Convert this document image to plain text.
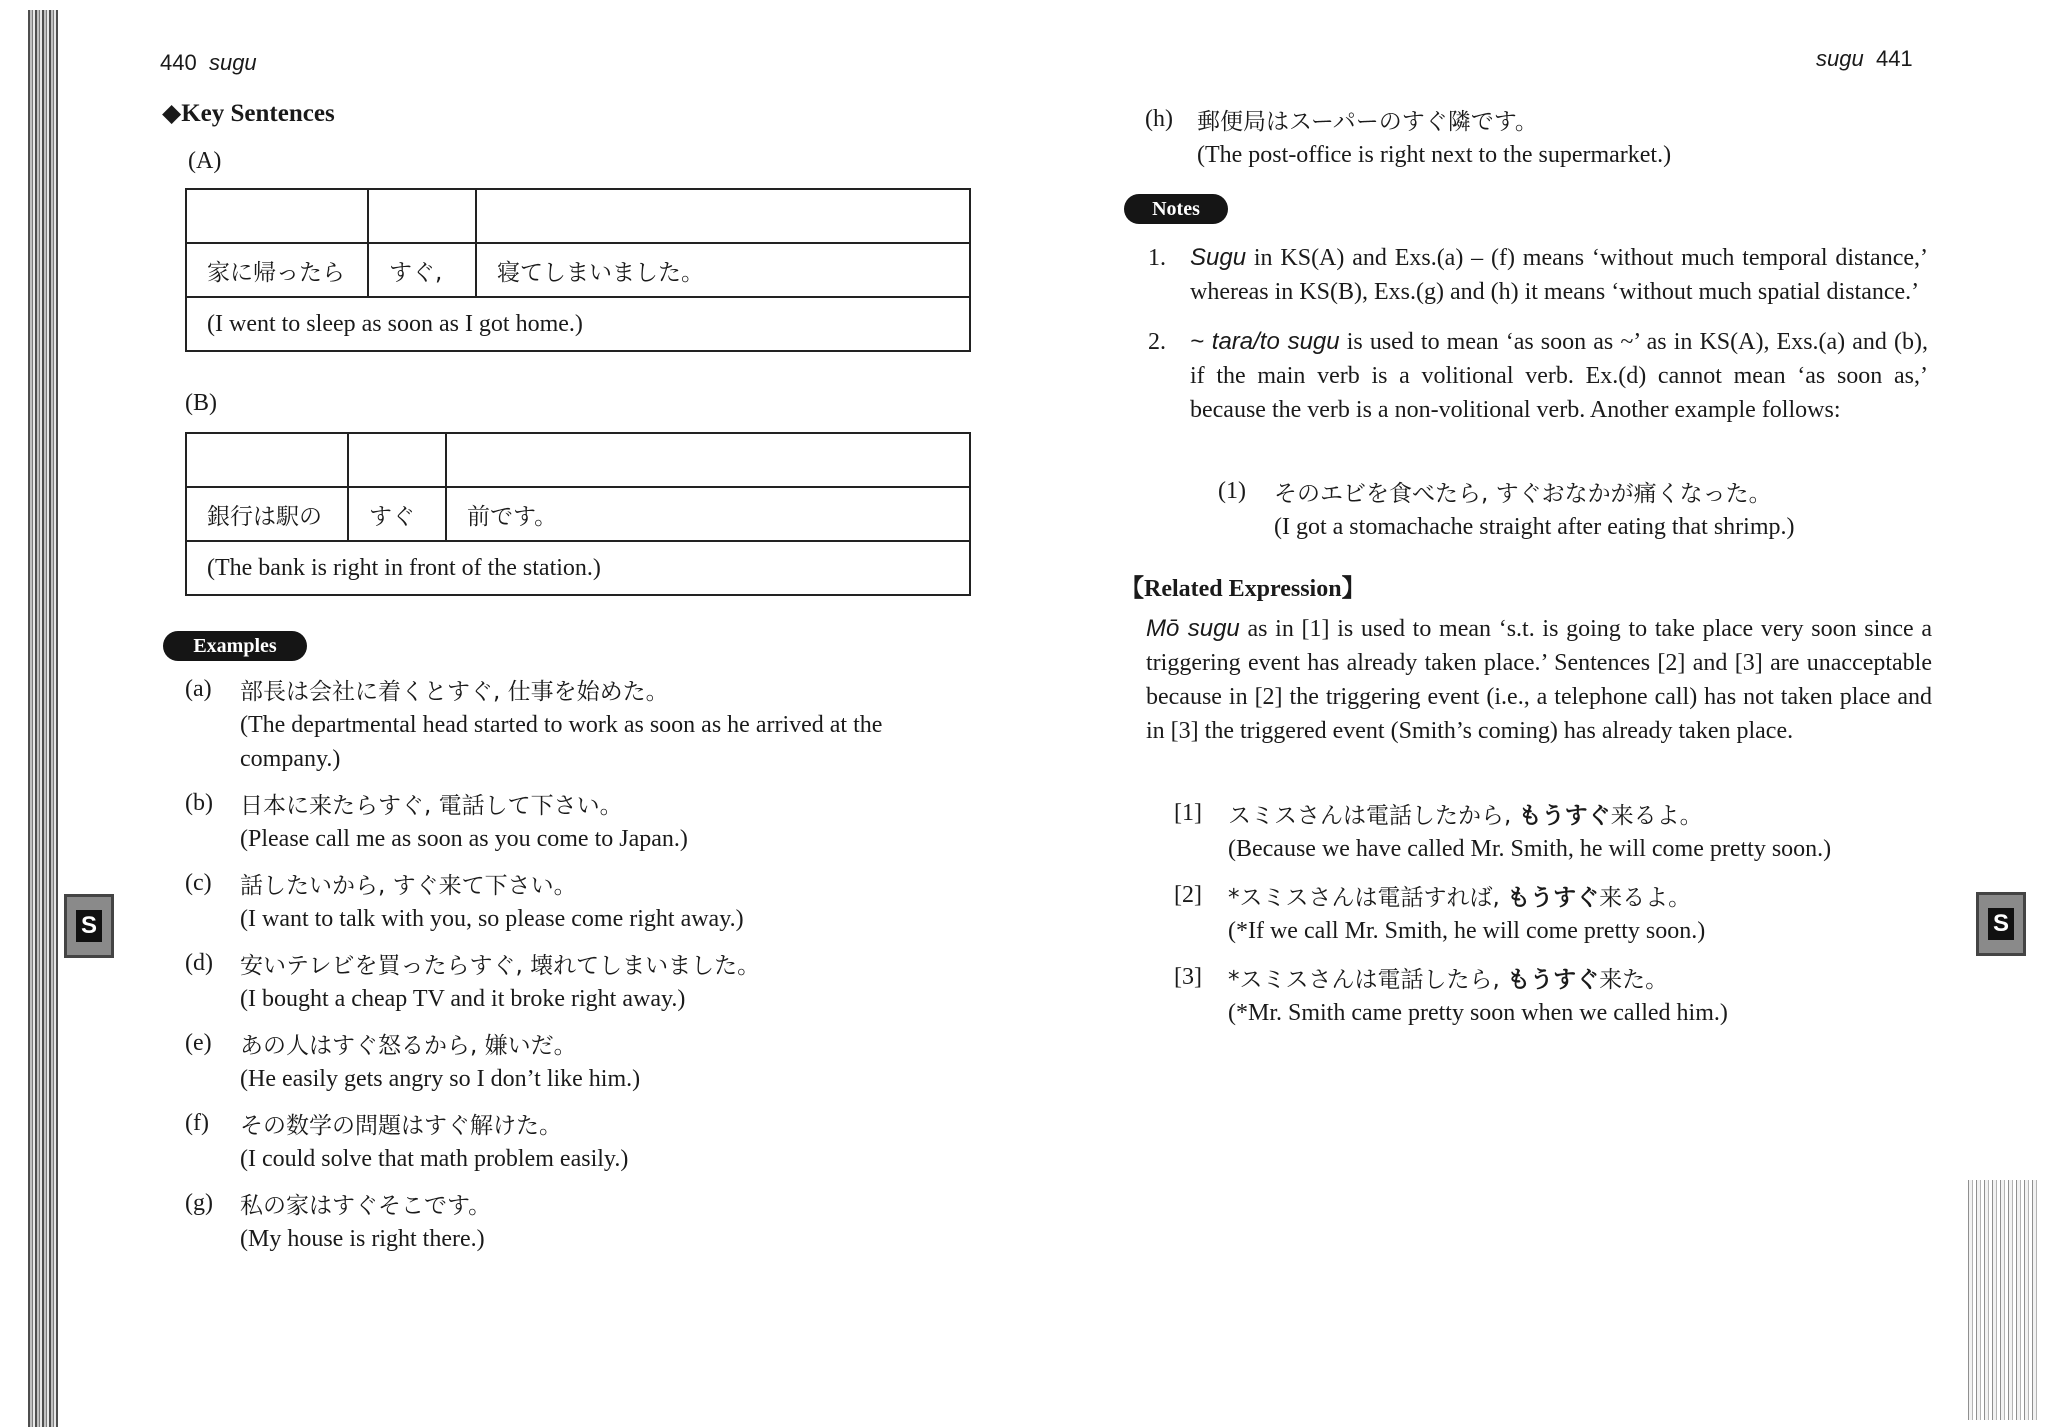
440 sugu
◆Key Sentences
(A)

家に帰ったら	すぐ,	寝てしまいました。
(I went to sleep as soon as I got home.)		
(B)

銀行は駅の	すぐ	前です。
(The bank is right in front of the station.)		
Examples
(a)	部長は会社に着くとすぐ, 仕事を始めた。
(The departmental head started to work as soon as he arrived at the company.)
(b)	日本に来たらすぐ, 電話して下さい。
(Please call me as soon as you come to Japan.)
(c)	話したいから, すぐ来て下さい。
(I want to talk with you, so please come right away.)
(d)	安いテレビを買ったらすぐ, 壊れてしまいました。
(I bought a cheap TV and it broke right away.)
(e)	あの人はすぐ怒るから, 嫌いだ。
(He easily gets angry so I don’t like him.)
(f)	その数学の問題はすぐ解けた。
(I could solve that math problem easily.)
(g)	私の家はすぐそこです。
(My house is right there.)
S
sugu 441
(h)	郵便局はスーパーのすぐ隣です。
(The post-office is right next to the supermarket.)
Notes
1.	Sugu in KS(A) and Exs.(a) – (f) means ‘without much temporal distance,’ whereas in KS(B), Exs.(g) and (h) it means ‘without much spatial distance.’
2.	~ tara/to sugu is used to mean ‘as soon as ~’ as in KS(A), Exs.(a) and (b), if the main verb is a volitional verb. Ex.(d) cannot mean ‘as soon as,’ because the verb is a non-volitional verb. Another example follows:
(1)	そのエビを食べたら, すぐおなかが痛くなった。
(I got a stomachache straight after eating that shrimp.)
【Related Expression】
Mō sugu as in [1] is used to mean ‘s.t. is going to take place very soon since a triggering event has already taken place.’ Sentences [2] and [3] are unacceptable because in [2] the triggering event (i.e., a telephone call) has not taken place and in [3] the triggered event (Smith’s coming) has already taken place.
[1]	スミスさんは電話したから, もうすぐ来るよ。
(Because we have called Mr. Smith, he will come pretty soon.)
[2]	*スミスさんは電話すれば, もうすぐ来るよ。
(*If we call Mr. Smith, he will come pretty soon.)
[3]	*スミスさんは電話したら, もうすぐ来た。
(*Mr. Smith came pretty soon when we called him.)
S
